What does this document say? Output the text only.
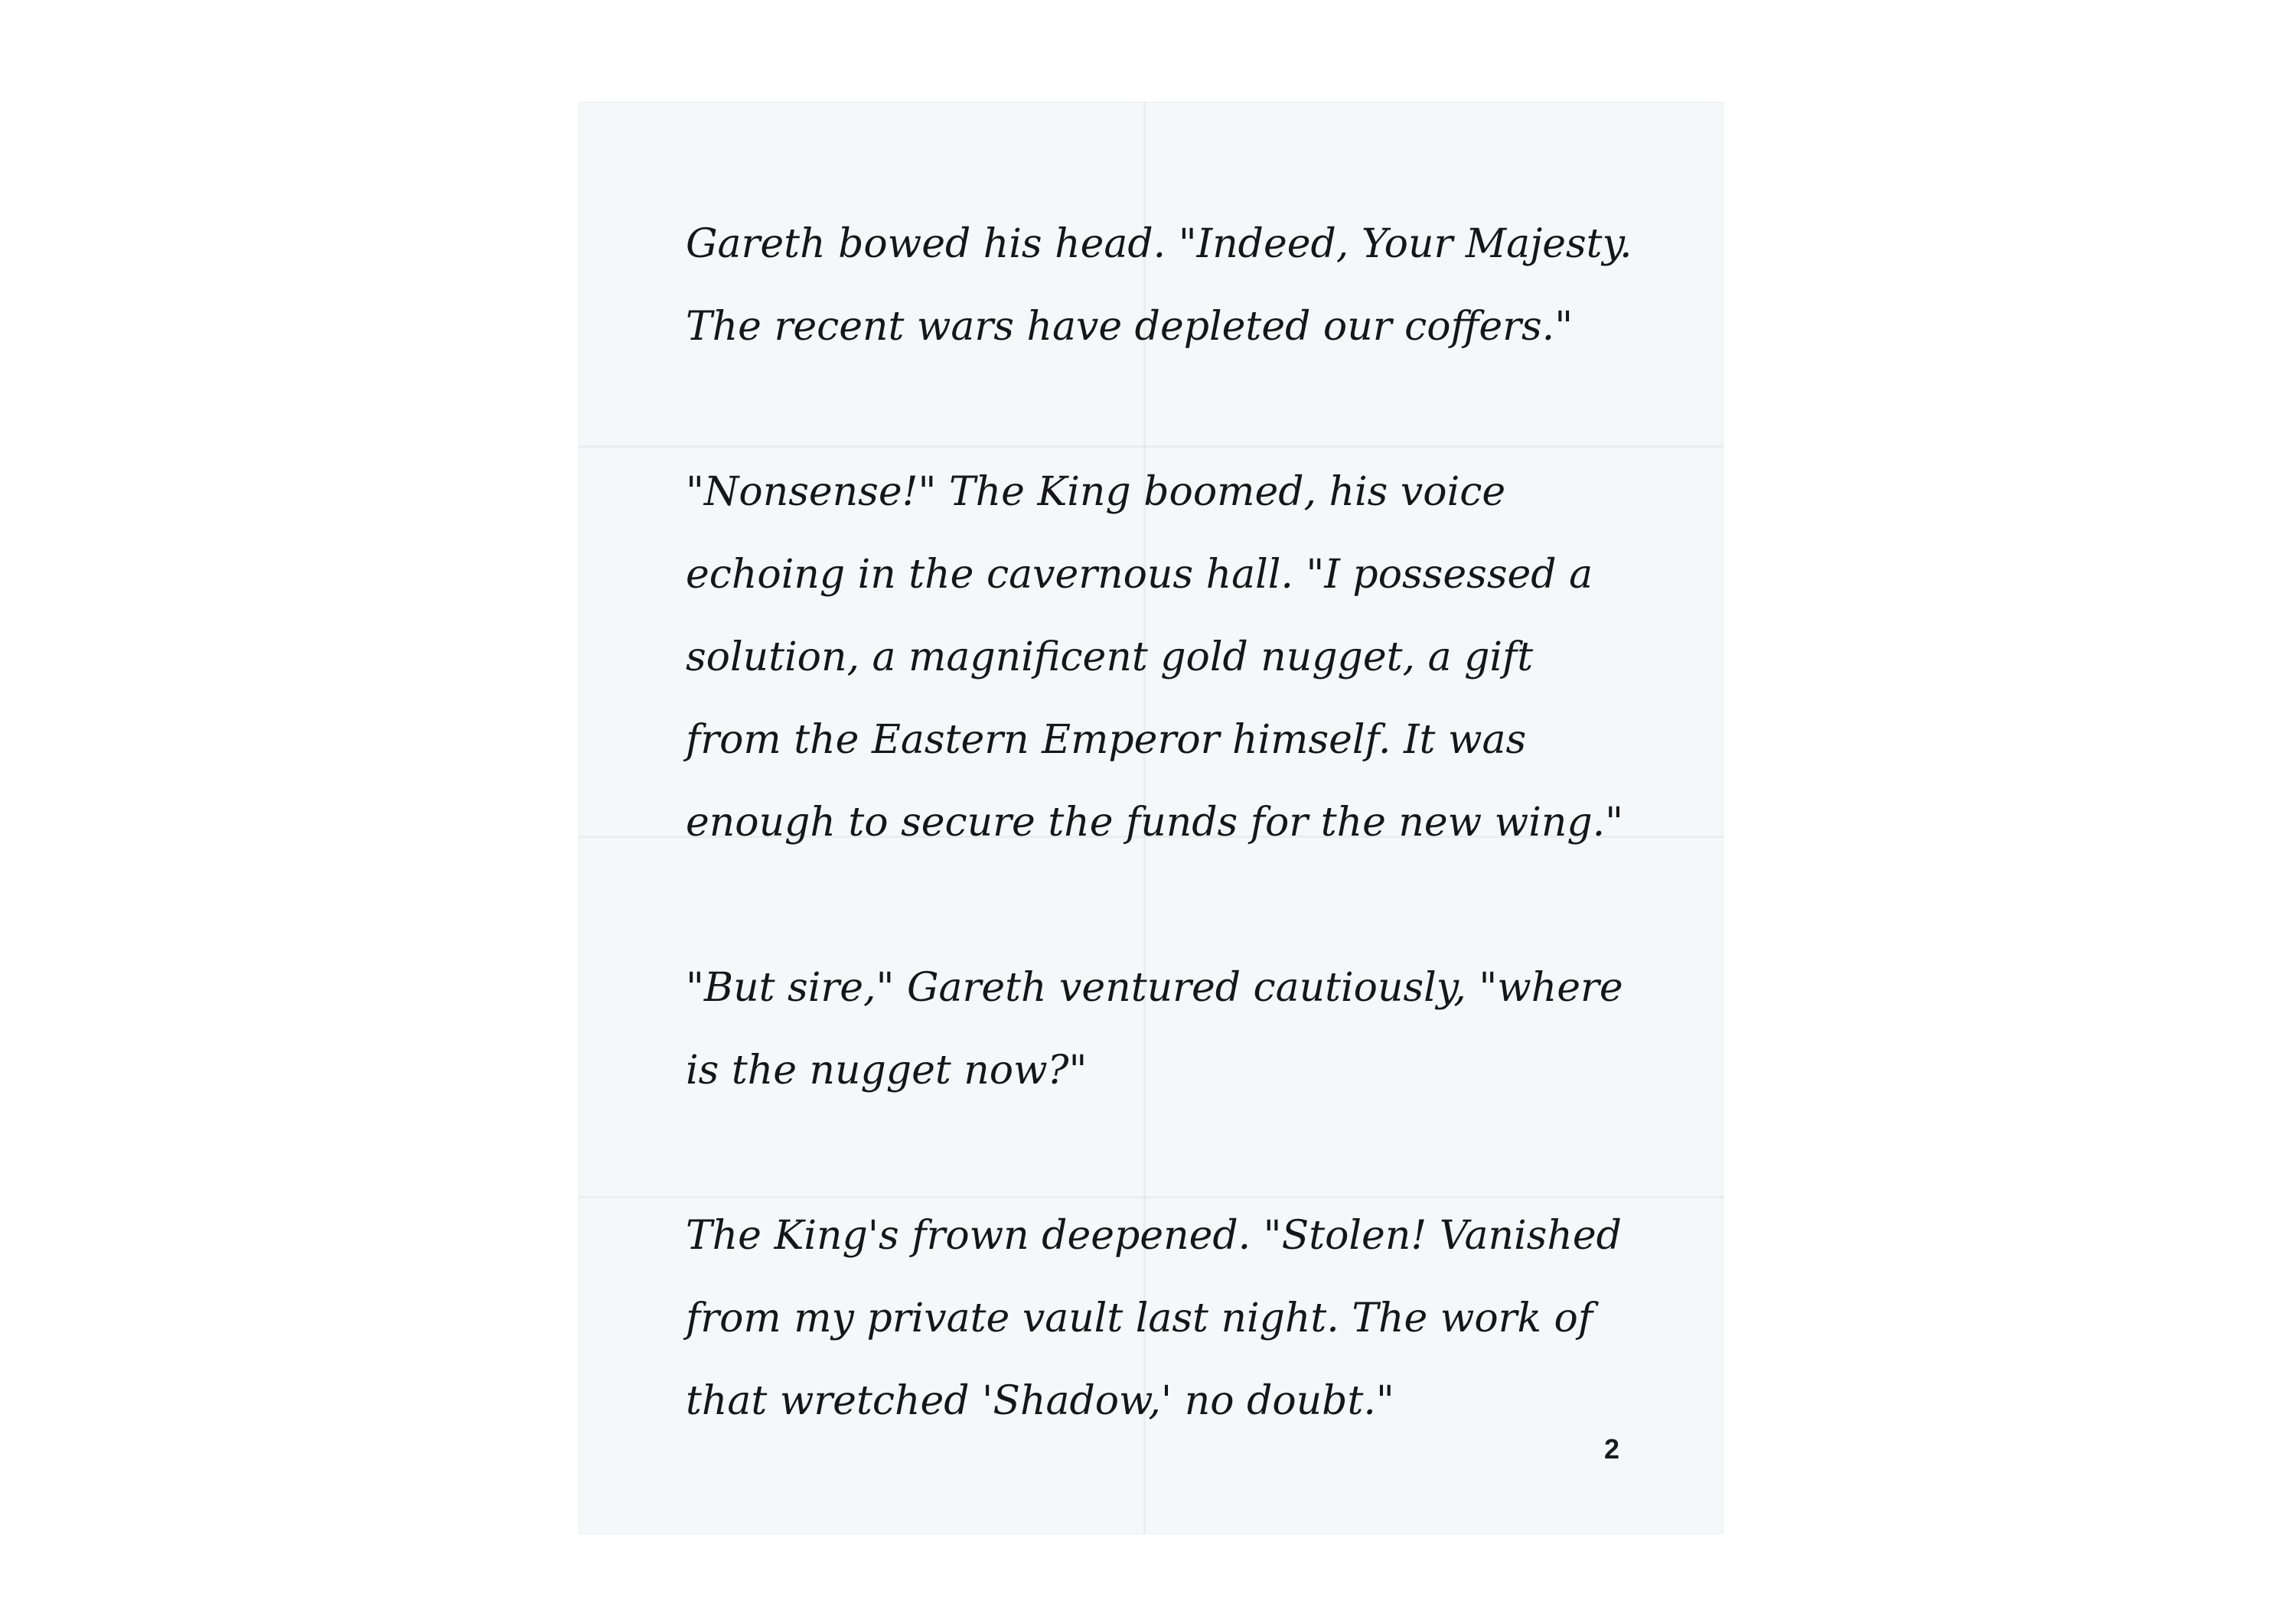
Gareth bowed his head. "Indeed, Your Majesty. The recent wars have depleted our coffers."

"Nonsense!" The King boomed, his voice echoing in the cavernous hall. "I possessed a solution, a magnificent gold nugget, a gift from the Eastern Emperor himself. It was enough to secure the funds for the new wing."

"But sire," Gareth ventured cautiously, "where is the nugget now?"

The King's frown deepened. "Stolen! Vanished from my private vault last night. The work of that wretched 'Shadow,' no doubt."

2
